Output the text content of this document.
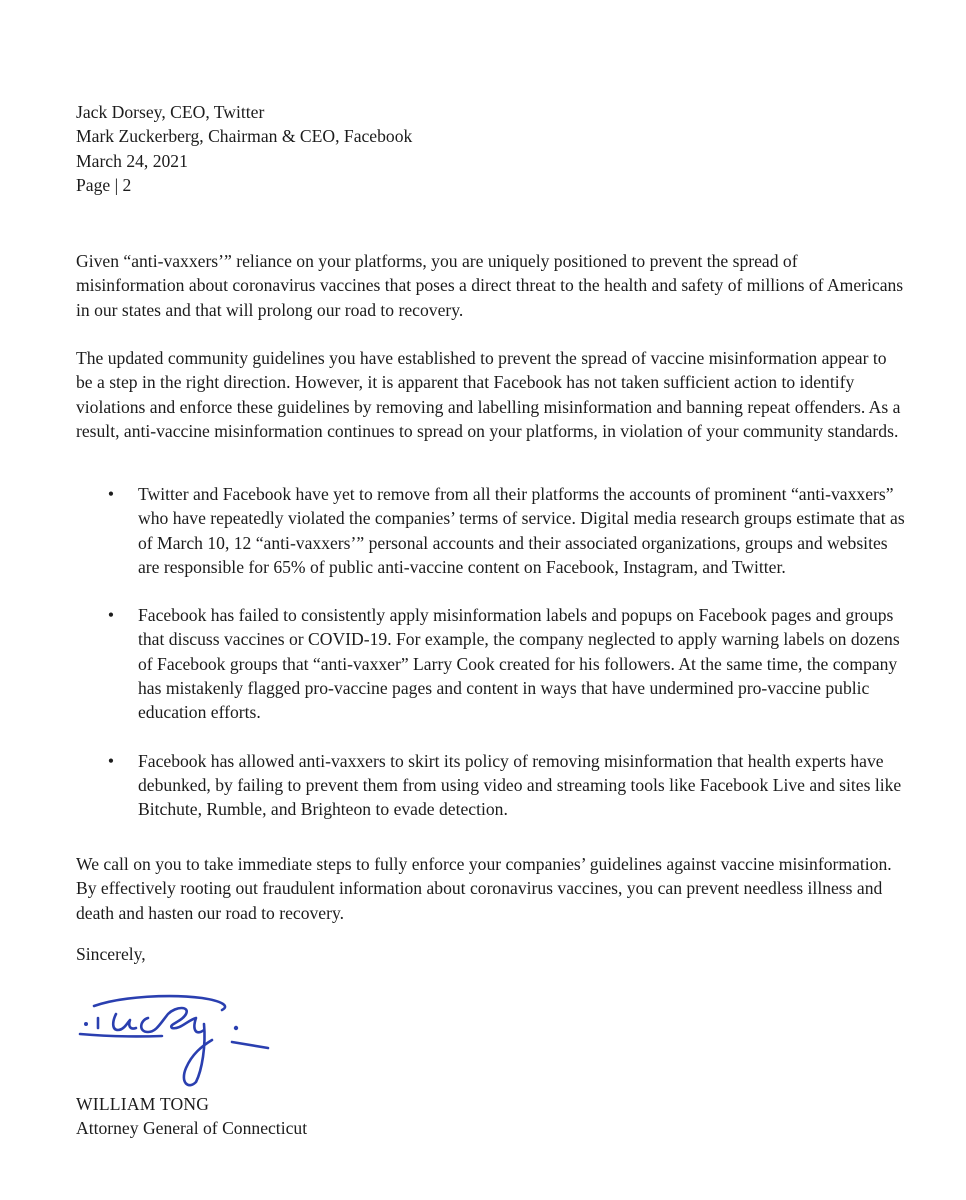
Jack Dorsey, CEO, Twitter
Mark Zuckerberg, Chairman & CEO, Facebook
March 24, 2021
Page | 2

Given “anti-vaxxers’” reliance on your platforms, you are uniquely positioned to prevent the spread of misinformation about coronavirus vaccines that poses a direct threat to the health and safety of millions of Americans in our states and that will prolong our road to recovery.

The updated community guidelines you have established to prevent the spread of vaccine misinformation appear to be a step in the right direction. However, it is apparent that Facebook has not taken sufficient action to identify violations and enforce these guidelines by removing and labelling misinformation and banning repeat offenders. As a result, anti-vaccine misinformation continues to spread on your platforms, in violation of your community standards.

• Twitter and Facebook have yet to remove from all their platforms the accounts of prominent “anti-vaxxers” who have repeatedly violated the companies’ terms of service. Digital media research groups estimate that as of March 10, 12 “anti-vaxxers’” personal accounts and their associated organizations, groups and websites are responsible for 65% of public anti-vaccine content on Facebook, Instagram, and Twitter.
• Facebook has failed to consistently apply misinformation labels and popups on Facebook pages and groups that discuss vaccines or COVID-19. For example, the company neglected to apply warning labels on dozens of Facebook groups that “anti-vaxxer” Larry Cook created for his followers. At the same time, the company has mistakenly flagged pro-vaccine pages and content in ways that have undermined pro-vaccine public education efforts.
• Facebook has allowed anti-vaxxers to skirt its policy of removing misinformation that health experts have debunked, by failing to prevent them from using video and streaming tools like Facebook Live and sites like Bitchute, Rumble, and Brighteon to evade detection.

We call on you to take immediate steps to fully enforce your companies’ guidelines against vaccine misinformation. By effectively rooting out fraudulent information about coronavirus vaccines, you can prevent needless illness and death and hasten our road to recovery.

Sincerely,
WILLIAM TONG
Attorney General of Connecticut
